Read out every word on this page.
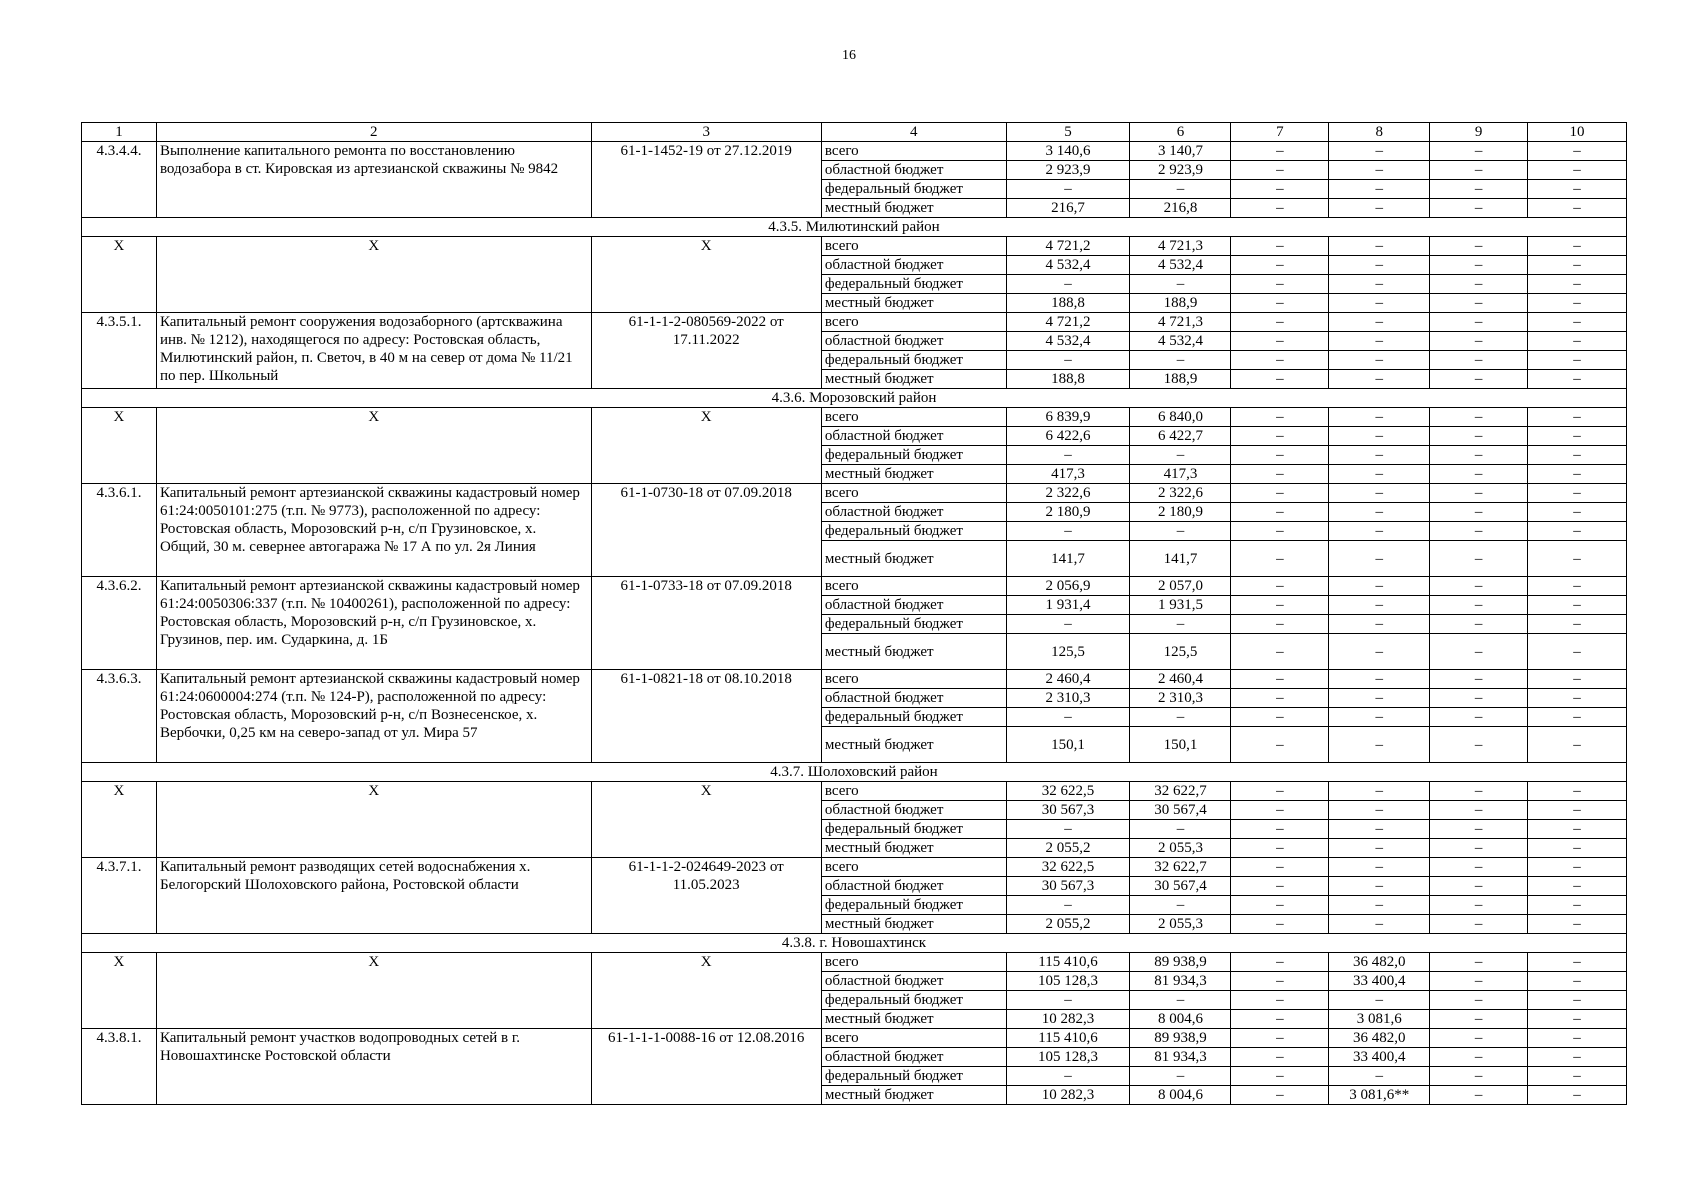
16
1	2	3	4	5	6	7	8	9	10
4.3.4.4.	Выполнение капитального ремонта по восстановлению водозабора в ст. Кировская из артезианской скважины № 9842	61-1-1452-19 от 27.12.2019	всего	3 140,6	3 140,7	–	–	–	–
			областной бюджет	2 923,9	2 923,9	–	–	–	–
			федеральный бюджет	–	–	–	–	–	–
			местный бюджет	216,7	216,8	–	–	–	–
4.3.5. Милютинский район									
Х	Х	Х	всего	4 721,2	4 721,3	–	–	–	–
			областной бюджет	4 532,4	4 532,4	–	–	–	–
			федеральный бюджет	–	–	–	–	–	–
			местный бюджет	188,8	188,9	–	–	–	–
4.3.5.1.	Капитальный ремонт сооружения водозаборного (артскважина инв. № 1212), находящегося по адресу: Ростовская область, Милютинский район, п. Светоч, в 40 м на север от дома № 11/21 по пер. Школьный	61-1-1-2-080569-2022 от 17.11.2022	всего	4 721,2	4 721,3	–	–	–	–
			областной бюджет	4 532,4	4 532,4	–	–	–	–
			федеральный бюджет	–	–	–	–	–	–
			местный бюджет	188,8	188,9	–	–	–	–
4.3.6. Морозовский район									
Х	Х	Х	всего	6 839,9	6 840,0	–	–	–	–
			областной бюджет	6 422,6	6 422,7	–	–	–	–
			федеральный бюджет	–	–	–	–	–	–
			местный бюджет	417,3	417,3	–	–	–	–
4.3.6.1.	Капитальный ремонт артезианской скважины кадастровый номер 61:24:0050101:275 (т.п. № 9773), расположенной по адресу: Ростовская область, Морозовский р-н, с/п Грузиновское, х. Общий, 30 м. севернее автогаража № 17 А по ул. 2я Линия	61-1-0730-18 от 07.09.2018	всего	2 322,6	2 322,6	–	–	–	–
			областной бюджет	2 180,9	2 180,9	–	–	–	–
			федеральный бюджет	–	–	–	–	–	–
			местный бюджет	141,7	141,7	–	–	–	–
4.3.6.2.	Капитальный ремонт артезианской скважины кадастровый номер 61:24:0050306:337 (т.п. № 10400261), расположенной по адресу: Ростовская область, Морозовский р-н, с/п Грузиновское, х. Грузинов, пер. им. Сударкина, д. 1Б	61-1-0733-18 от 07.09.2018	всего	2 056,9	2 057,0	–	–	–	–
			областной бюджет	1 931,4	1 931,5	–	–	–	–
			федеральный бюджет	–	–	–	–	–	–
			местный бюджет	125,5	125,5	–	–	–	–
4.3.6.3.	Капитальный ремонт артезианской скважины кадастровый номер 61:24:0600004:274 (т.п. № 124-Р), расположенной по адресу: Ростовская область, Морозовский р-н, с/п Вознесенское, х. Вербочки, 0,25 км на северо-запад от ул. Мира 57	61-1-0821-18 от 08.10.2018	всего	2 460,4	2 460,4	–	–	–	–
			областной бюджет	2 310,3	2 310,3	–	–	–	–
			федеральный бюджет	–	–	–	–	–	–
			местный бюджет	150,1	150,1	–	–	–	–
4.3.7. Шолоховский район									
Х	Х	Х	всего	32 622,5	32 622,7	–	–	–	–
			областной бюджет	30 567,3	30 567,4	–	–	–	–
			федеральный бюджет	–	–	–	–	–	–
			местный бюджет	2 055,2	2 055,3	–	–	–	–
4.3.7.1.	Капитальный ремонт разводящих сетей водоснабжения х. Белогорский Шолоховского района, Ростовской области	61-1-1-2-024649-2023 от 11.05.2023	всего	32 622,5	32 622,7	–	–	–	–
			областной бюджет	30 567,3	30 567,4	–	–	–	–
			федеральный бюджет	–	–	–	–	–	–
			местный бюджет	2 055,2	2 055,3	–	–	–	–
4.3.8. г. Новошахтинск									
Х	Х	Х	всего	115 410,6	89 938,9	–	36 482,0	–	–
			областной бюджет	105 128,3	81 934,3	–	33 400,4	–	–
			федеральный бюджет	–	–	–	–	–	–
			местный бюджет	10 282,3	8 004,6	–	3 081,6	–	–
4.3.8.1.	Капитальный ремонт участков водопроводных сетей в г. Новошахтинске Ростовской области	61-1-1-1-0088-16 от 12.08.2016	всего	115 410,6	89 938,9	–	36 482,0	–	–
			областной бюджет	105 128,3	81 934,3	–	33 400,4	–	–
			федеральный бюджет	–	–	–	–	–	–
			местный бюджет	10 282,3	8 004,6	–	3 081,6**	–	–
